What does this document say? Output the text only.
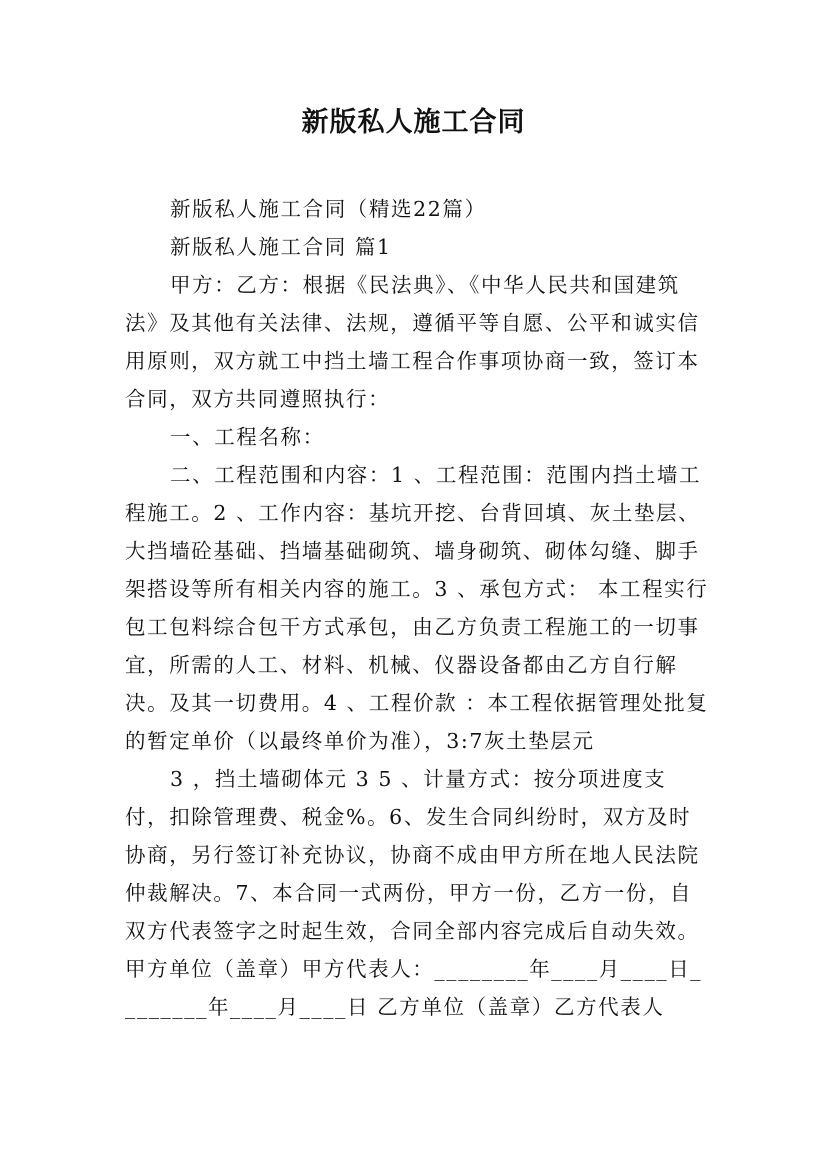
新版私人施工合同

新版私人施工合同（精选22篇）

新版私人施工合同 篇1

甲方：乙方：根据《民法典》、《中华人民共和国建筑法》及其他有关法律、法规，遵循平等自愿、公平和诚实信用原则，双方就工中挡土墙工程合作事项协商一致，签订本合同，双方共同遵照执行：

一、工程名称：

二、工程范围和内容：1 、工程范围：范围内挡土墙工程施工。2 、工作内容：基坑开挖、台背回填、灰土垫层、大挡墙砼基础、挡墙基础砌筑、墙身砌筑、砌体勾缝、脚手架搭设等所有相关内容的施工。3 、承包方式： 本工程实行包工包料综合包干方式承包，由乙方负责工程施工的一切事宜，所需的人工、材料、机械、仪器设备都由乙方自行解决。及其一切费用。4 、工程价款 ：本工程依据管理处批复的暂定单价（以最终单价为准），3:7灰土垫层元

3 ，挡土墙砌体元 3 5 、计量方式：按分项进度支付，扣除管理费、税金%。6、发生合同纠纷时，双方及时协商，另行签订补充协议，协商不成由甲方所在地人民法院仲裁解决。7、本合同一式两份，甲方一份，乙方一份，自双方代表签字之时起生效，合同全部内容完成后自动失效。甲方单位（盖章）甲方代表人：________年____月____日________年____月____日 乙方单位（盖章）乙方代表人
